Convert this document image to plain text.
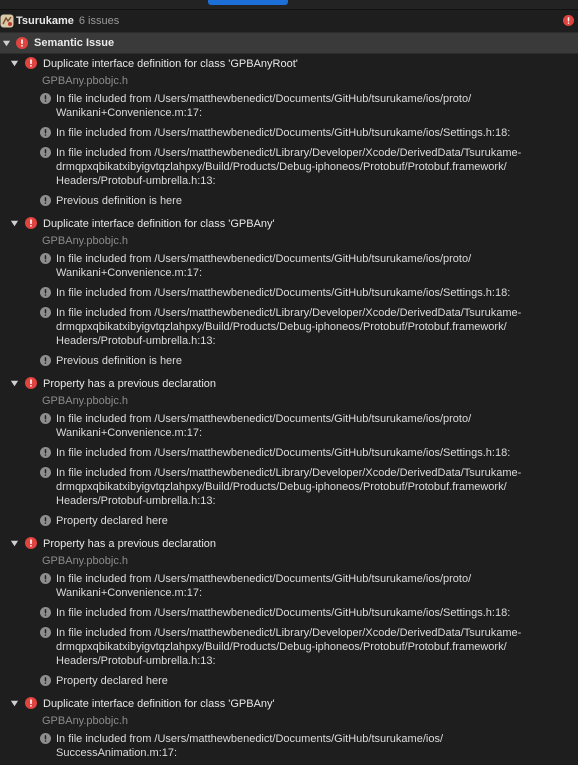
Tsurukame 6 issues
Semantic Issue
Duplicate interface definition for class 'GPBAnyRoot'
GPBAny.pbobjc.h
In file included from /Users/matthewbenedict/Documents/GitHub/tsurukame/ios/proto/
Wanikani+Convenience.m:17:
In file included from /Users/matthewbenedict/Documents/GitHub/tsurukame/ios/Settings.h:18:
In file included from /Users/matthewbenedict/Library/Developer/Xcode/DerivedData/Tsurukame-
drmqpxqbikatxibyigvtqzlahpxy/Build/Products/Debug-iphoneos/Protobuf/Protobuf.framework/
Headers/Protobuf-umbrella.h:13:
Previous definition is here
Duplicate interface definition for class 'GPBAny'
GPBAny.pbobjc.h
In file included from /Users/matthewbenedict/Documents/GitHub/tsurukame/ios/proto/
Wanikani+Convenience.m:17:
In file included from /Users/matthewbenedict/Documents/GitHub/tsurukame/ios/Settings.h:18:
In file included from /Users/matthewbenedict/Library/Developer/Xcode/DerivedData/Tsurukame-
drmqpxqbikatxibyigvtqzlahpxy/Build/Products/Debug-iphoneos/Protobuf/Protobuf.framework/
Headers/Protobuf-umbrella.h:13:
Previous definition is here
Property has a previous declaration
GPBAny.pbobjc.h
In file included from /Users/matthewbenedict/Documents/GitHub/tsurukame/ios/proto/
Wanikani+Convenience.m:17:
In file included from /Users/matthewbenedict/Documents/GitHub/tsurukame/ios/Settings.h:18:
In file included from /Users/matthewbenedict/Library/Developer/Xcode/DerivedData/Tsurukame-
drmqpxqbikatxibyigvtqzlahpxy/Build/Products/Debug-iphoneos/Protobuf/Protobuf.framework/
Headers/Protobuf-umbrella.h:13:
Property declared here
Property has a previous declaration
GPBAny.pbobjc.h
In file included from /Users/matthewbenedict/Documents/GitHub/tsurukame/ios/proto/
Wanikani+Convenience.m:17:
In file included from /Users/matthewbenedict/Documents/GitHub/tsurukame/ios/Settings.h:18:
In file included from /Users/matthewbenedict/Library/Developer/Xcode/DerivedData/Tsurukame-
drmqpxqbikatxibyigvtqzlahpxy/Build/Products/Debug-iphoneos/Protobuf/Protobuf.framework/
Headers/Protobuf-umbrella.h:13:
Property declared here
Duplicate interface definition for class 'GPBAny'
GPBAny.pbobjc.h
In file included from /Users/matthewbenedict/Documents/GitHub/tsurukame/ios/
SuccessAnimation.m:17:
